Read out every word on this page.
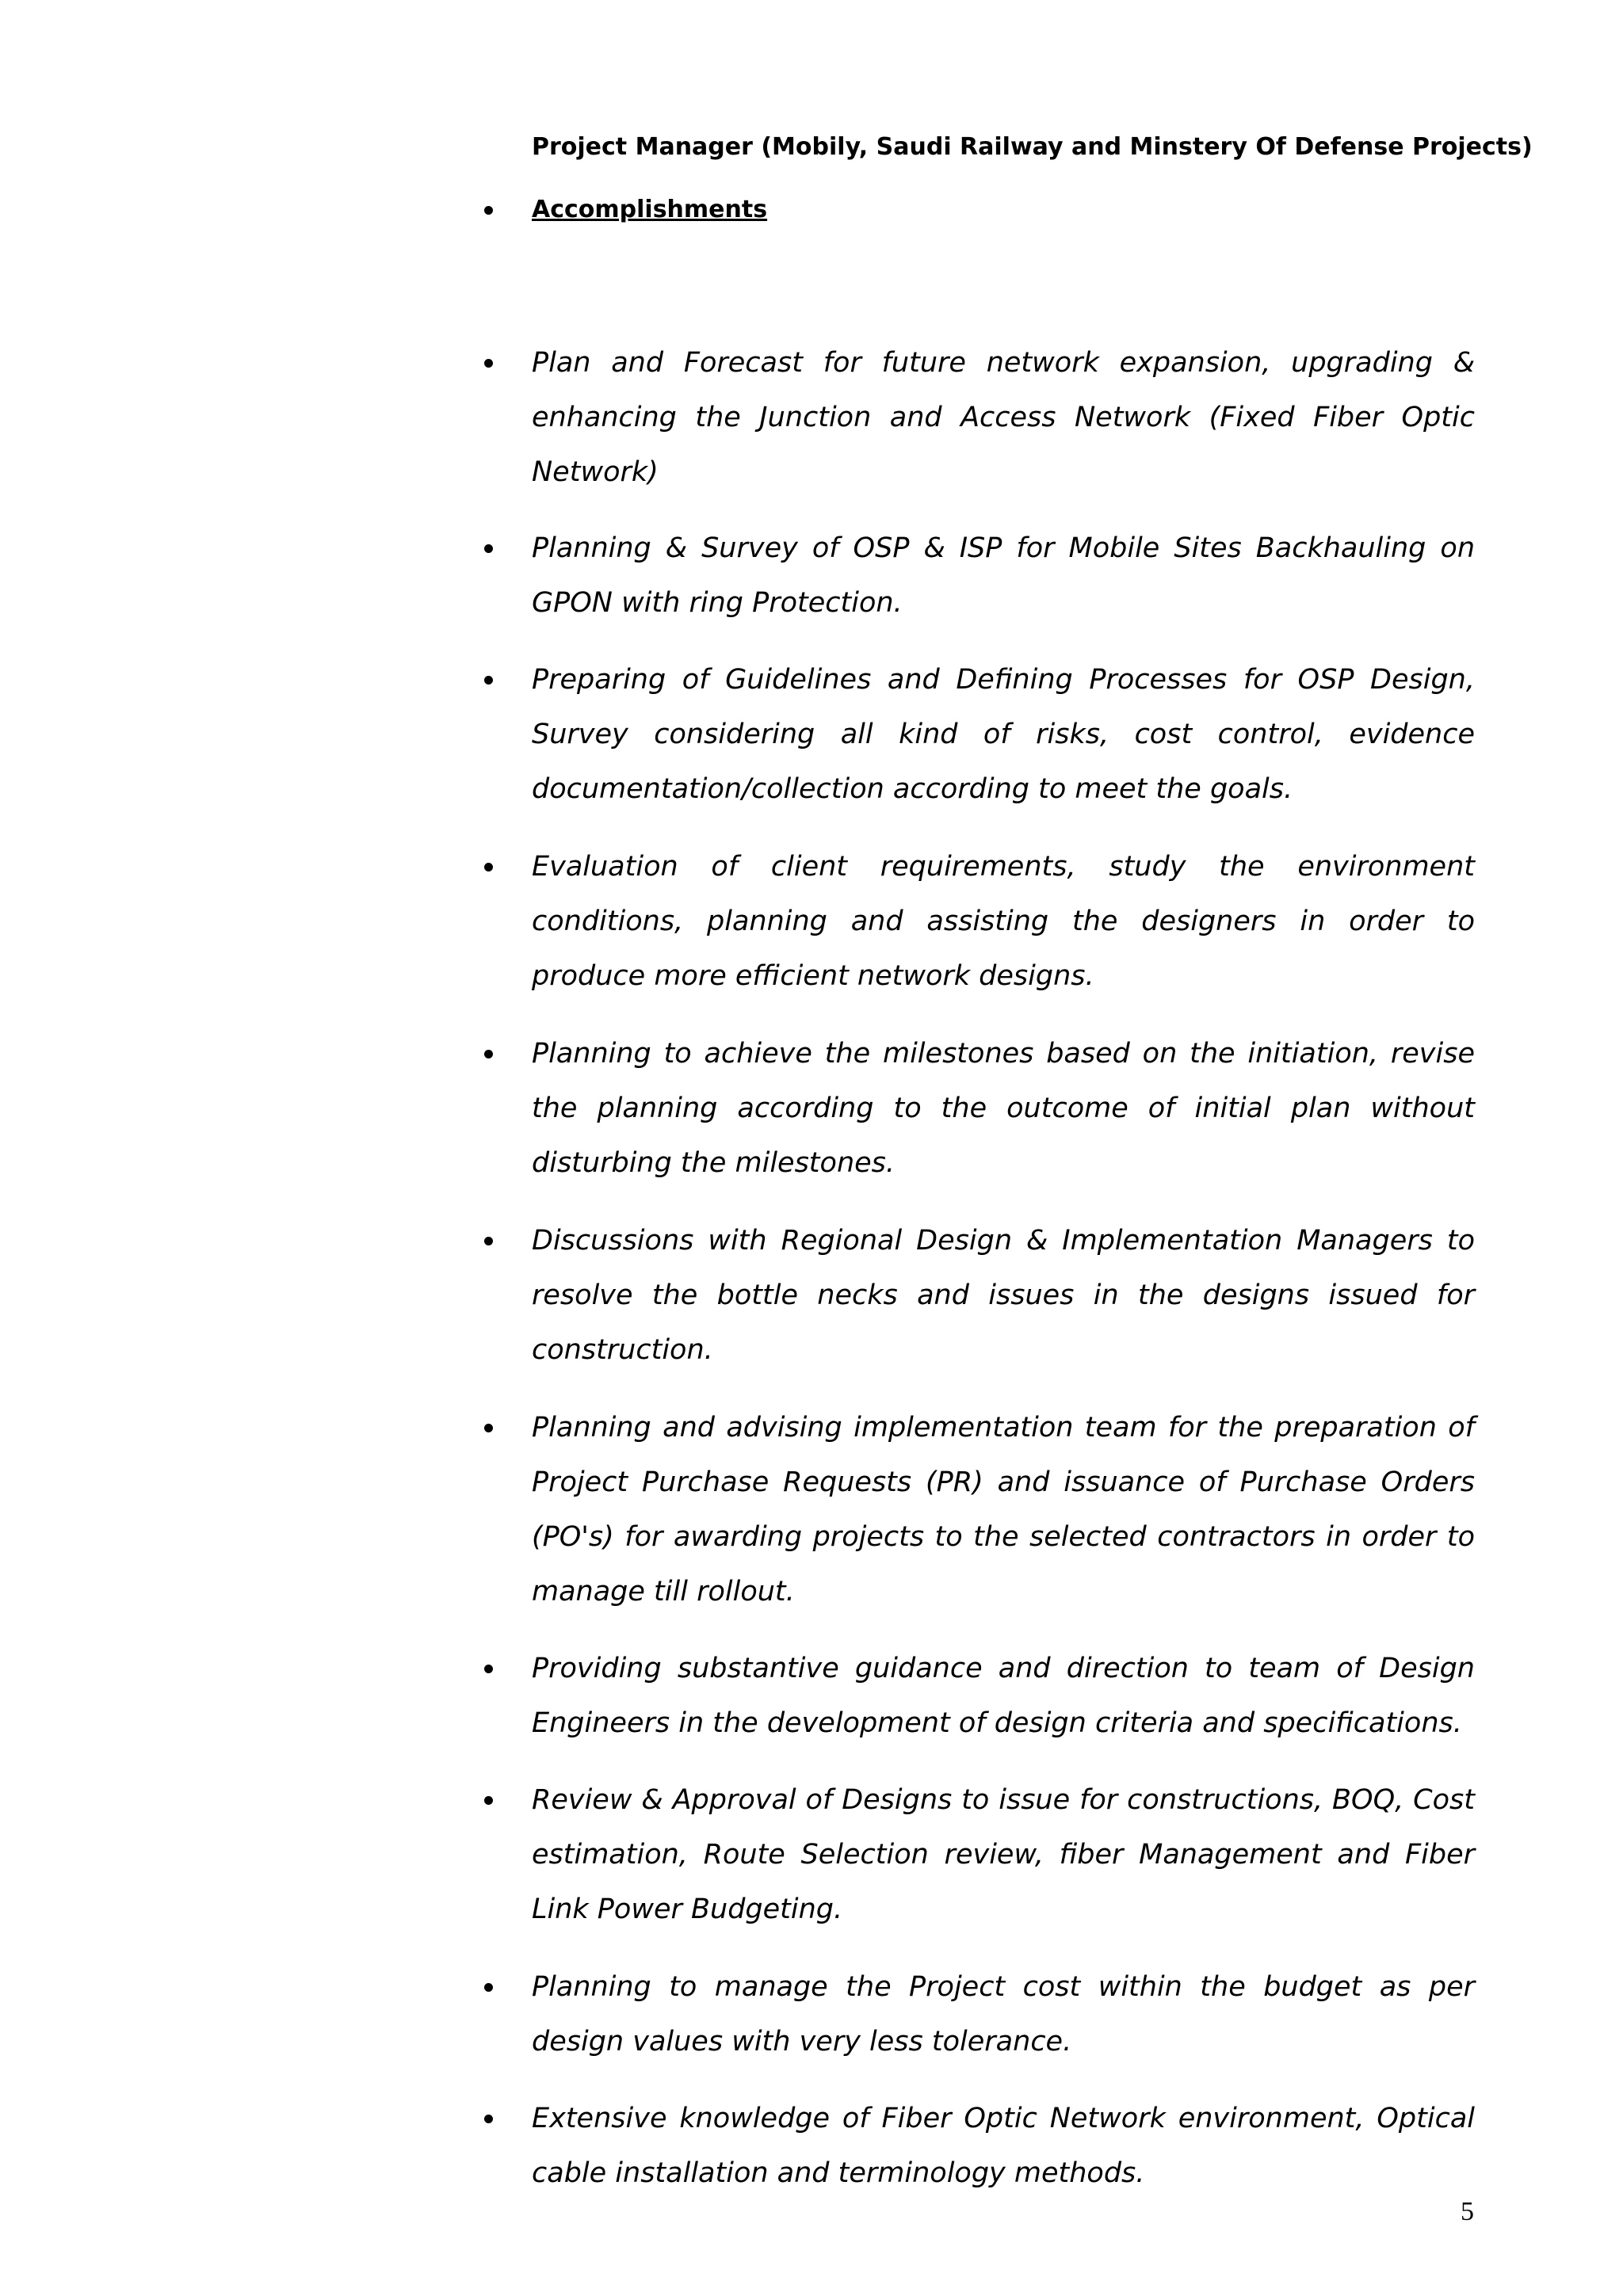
Project Manager (Mobily, Saudi Railway and Minstery Of Defense Projects)
Accomplishments
Plan and Forecast for future network expansion, upgrading & enhancing the Junction and Access Network (Fixed Fiber Optic Network)
Planning & Survey of OSP & ISP for Mobile Sites Backhauling on GPON with ring Protection.
Preparing of Guidelines and Defining Processes for OSP Design, Survey considering all kind of risks, cost control, evidence documentation/collection according to meet the goals.
Evaluation of client requirements, study the environment conditions, planning and assisting the designers in order to produce more efficient network designs.
Planning to achieve the milestones based on the initiation, revise the planning according to the outcome of initial plan without disturbing the milestones.
Discussions with Regional Design & Implementation Managers to resolve the bottle necks and issues in the designs issued for construction.
Planning and advising implementation team for the preparation of Project Purchase Requests (PR) and issuance of Purchase Orders (PO's) for awarding projects to the selected contractors in order to manage till rollout.
Providing substantive guidance and direction to team of Design Engineers in the development of design criteria and specifications.
Review & Approval of Designs to issue for constructions, BOQ, Cost estimation, Route Selection review, fiber Management and Fiber Link Power Budgeting.
Planning to manage the Project cost within the budget as per design values with very less tolerance.
Extensive knowledge of Fiber Optic Network environment, Optical cable installation and terminology methods.
5
